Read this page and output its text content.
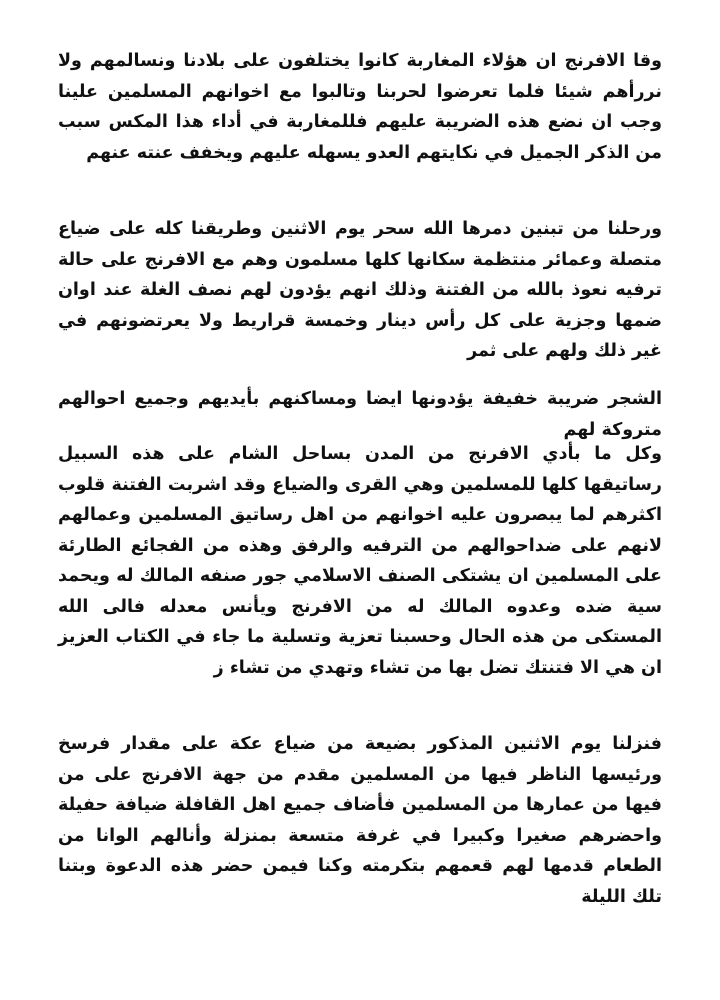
وقا الافرنج ان هؤلاء المغاربة كانوا يختلفون على بلادنا ونسالمهم ولا نررأهم شيئا فلما تعرضوا لحربنا وتالبوا مع اخوانهم المسلمين علينا وجب ان نضع هذه الضريبة عليهم فللمغاربة في أداء هذا المكس سبب من الذكر الجميل في نكايتهم العدو يسهله عليهم ويخفف عنته عنهم

ورحلنا من تبنين دمرها الله سحر يوم الاثنين وطريقنا كله على ضياع متصلة وعمائر منتظمة سكانها كلها مسلمون وهم مع الافرنج على حالة ترفيه نعوذ بالله من الفتنة وذلك انهم يؤدون لهم نصف الغلة عند اوان ضمها وجزية على كل رأس دينار وخمسة قراريط ولا يعرتضونهم في غير ذلك ولهم على ثمر

الشجر ضريبة خفيفة يؤدونها ايضا ومساكنهم بأيديهم وجميع احوالهم متروكة لهم

وكل ما بأدي الافرنج من المدن بساحل الشام على هذه السبيل رساتيقها كلها للمسلمين وهي القرى والضياع وقد اشربت الفتنة قلوب اكثرهم لما يبصرون عليه اخوانهم من اهل رساتيق المسلمين وعمالهم لانهم على ضداحوالهم من الترفيه والرفق وهذه من الفجائع الطارئة على المسلمين ان يشتكى الصنف الاسلامي جور صنفه المالك له ويحمد سية ضده وعدوه المالك له من الافرنج ويأنس معدله فالى الله المستكى من هذه الحال وحسبنا تعزية وتسلية ما جاء في الكتاب العزيز ان هي الا فتنتك تضل بها من تشاء وتهدي من تشاء ز

فنزلنا يوم الاثنين المذكور بضيعة من ضياع عكة على مقدار فرسخ ورئيسها الناظر فيها من المسلمين مقدم من جهة الافرنج على من فيها من عمارها من المسلمين فأضاف جميع اهل القافلة ضيافة حفيلة واحضرهم صغيرا وكبيرا في غرفة متسعة بمنزلة وأنالهم الوانا من الطعام قدمها لهم قعمهم بتكرمته وكنا فيمن حضر هذه الدعوة وبتنا تلك الليلة
